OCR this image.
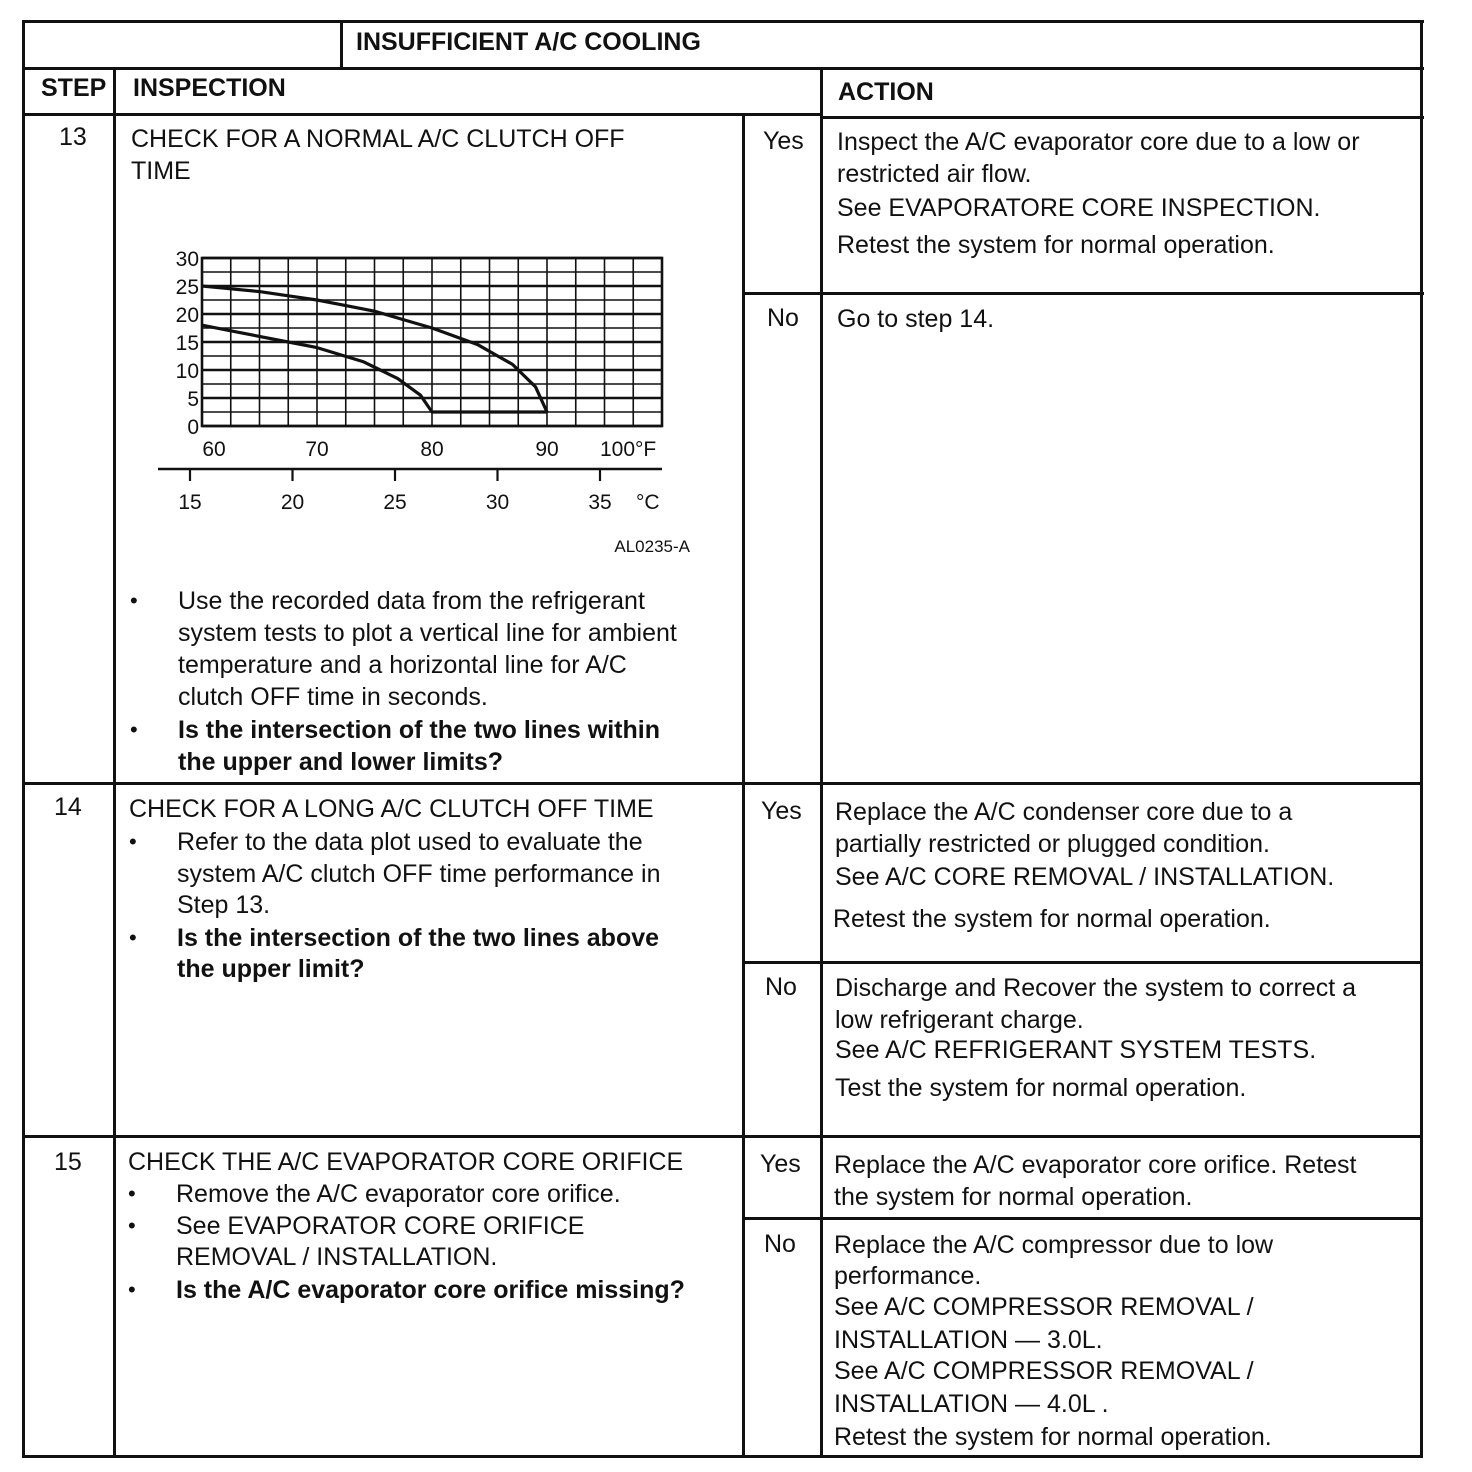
INSUFFICIENT A/C COOLING
STEP INSPECTION	ACTION
13 CHECK FOR A NORMAL A/C CLUTCH OFF
TIME
30
25
20
15
10
5
0
60	70	80	90 100°F
15	20	25	30	35 °C
AL0235-A
• Use the recorded data from the refrigerant
system tests to plot a vertical line for ambient
temperature and a horizontal line for A/C
clutch OFF time in seconds.
• Is the intersection of the two lines within
the upper and lower limits?
Yes Inspect the A/C evaporator core due to a low or
restricted air flow.
See EVAPORATORE CORE INSPECTION.
Retest the system for normal operation.
No Go to step 14.
14 CHECK FOR A LONG A/C CLUTCH OFF TIME
• Refer to the data plot used to evaluate the
system A/C clutch OFF time performance in
Step 13.
• Is the intersection of the two lines above
the upper limit?
Yes Replace the A/C condenser core due to a
partially restricted or plugged condition.
See A/C CORE REMOVAL / INSTALLATION.
Retest the system for normal operation.
No Discharge and Recover the system to correct a
low refrigerant charge.
See A/C REFRIGERANT SYSTEM TESTS.
Test the system for normal operation.
15 CHECK THE A/C EVAPORATOR CORE ORIFICE
• Remove the A/C evaporator core orifice.
• See EVAPORATOR CORE ORIFICE
REMOVAL / INSTALLATION.
• Is the A/C evaporator core orifice missing?
Yes Replace the A/C evaporator core orifice. Retest
the system for normal operation.
No Replace the A/C compressor due to low
performance.
See A/C COMPRESSOR REMOVAL /
INSTALLATION — 3.0L.
See A/C COMPRESSOR REMOVAL /
INSTALLATION — 4.0L .
Retest the system for normal operation.
